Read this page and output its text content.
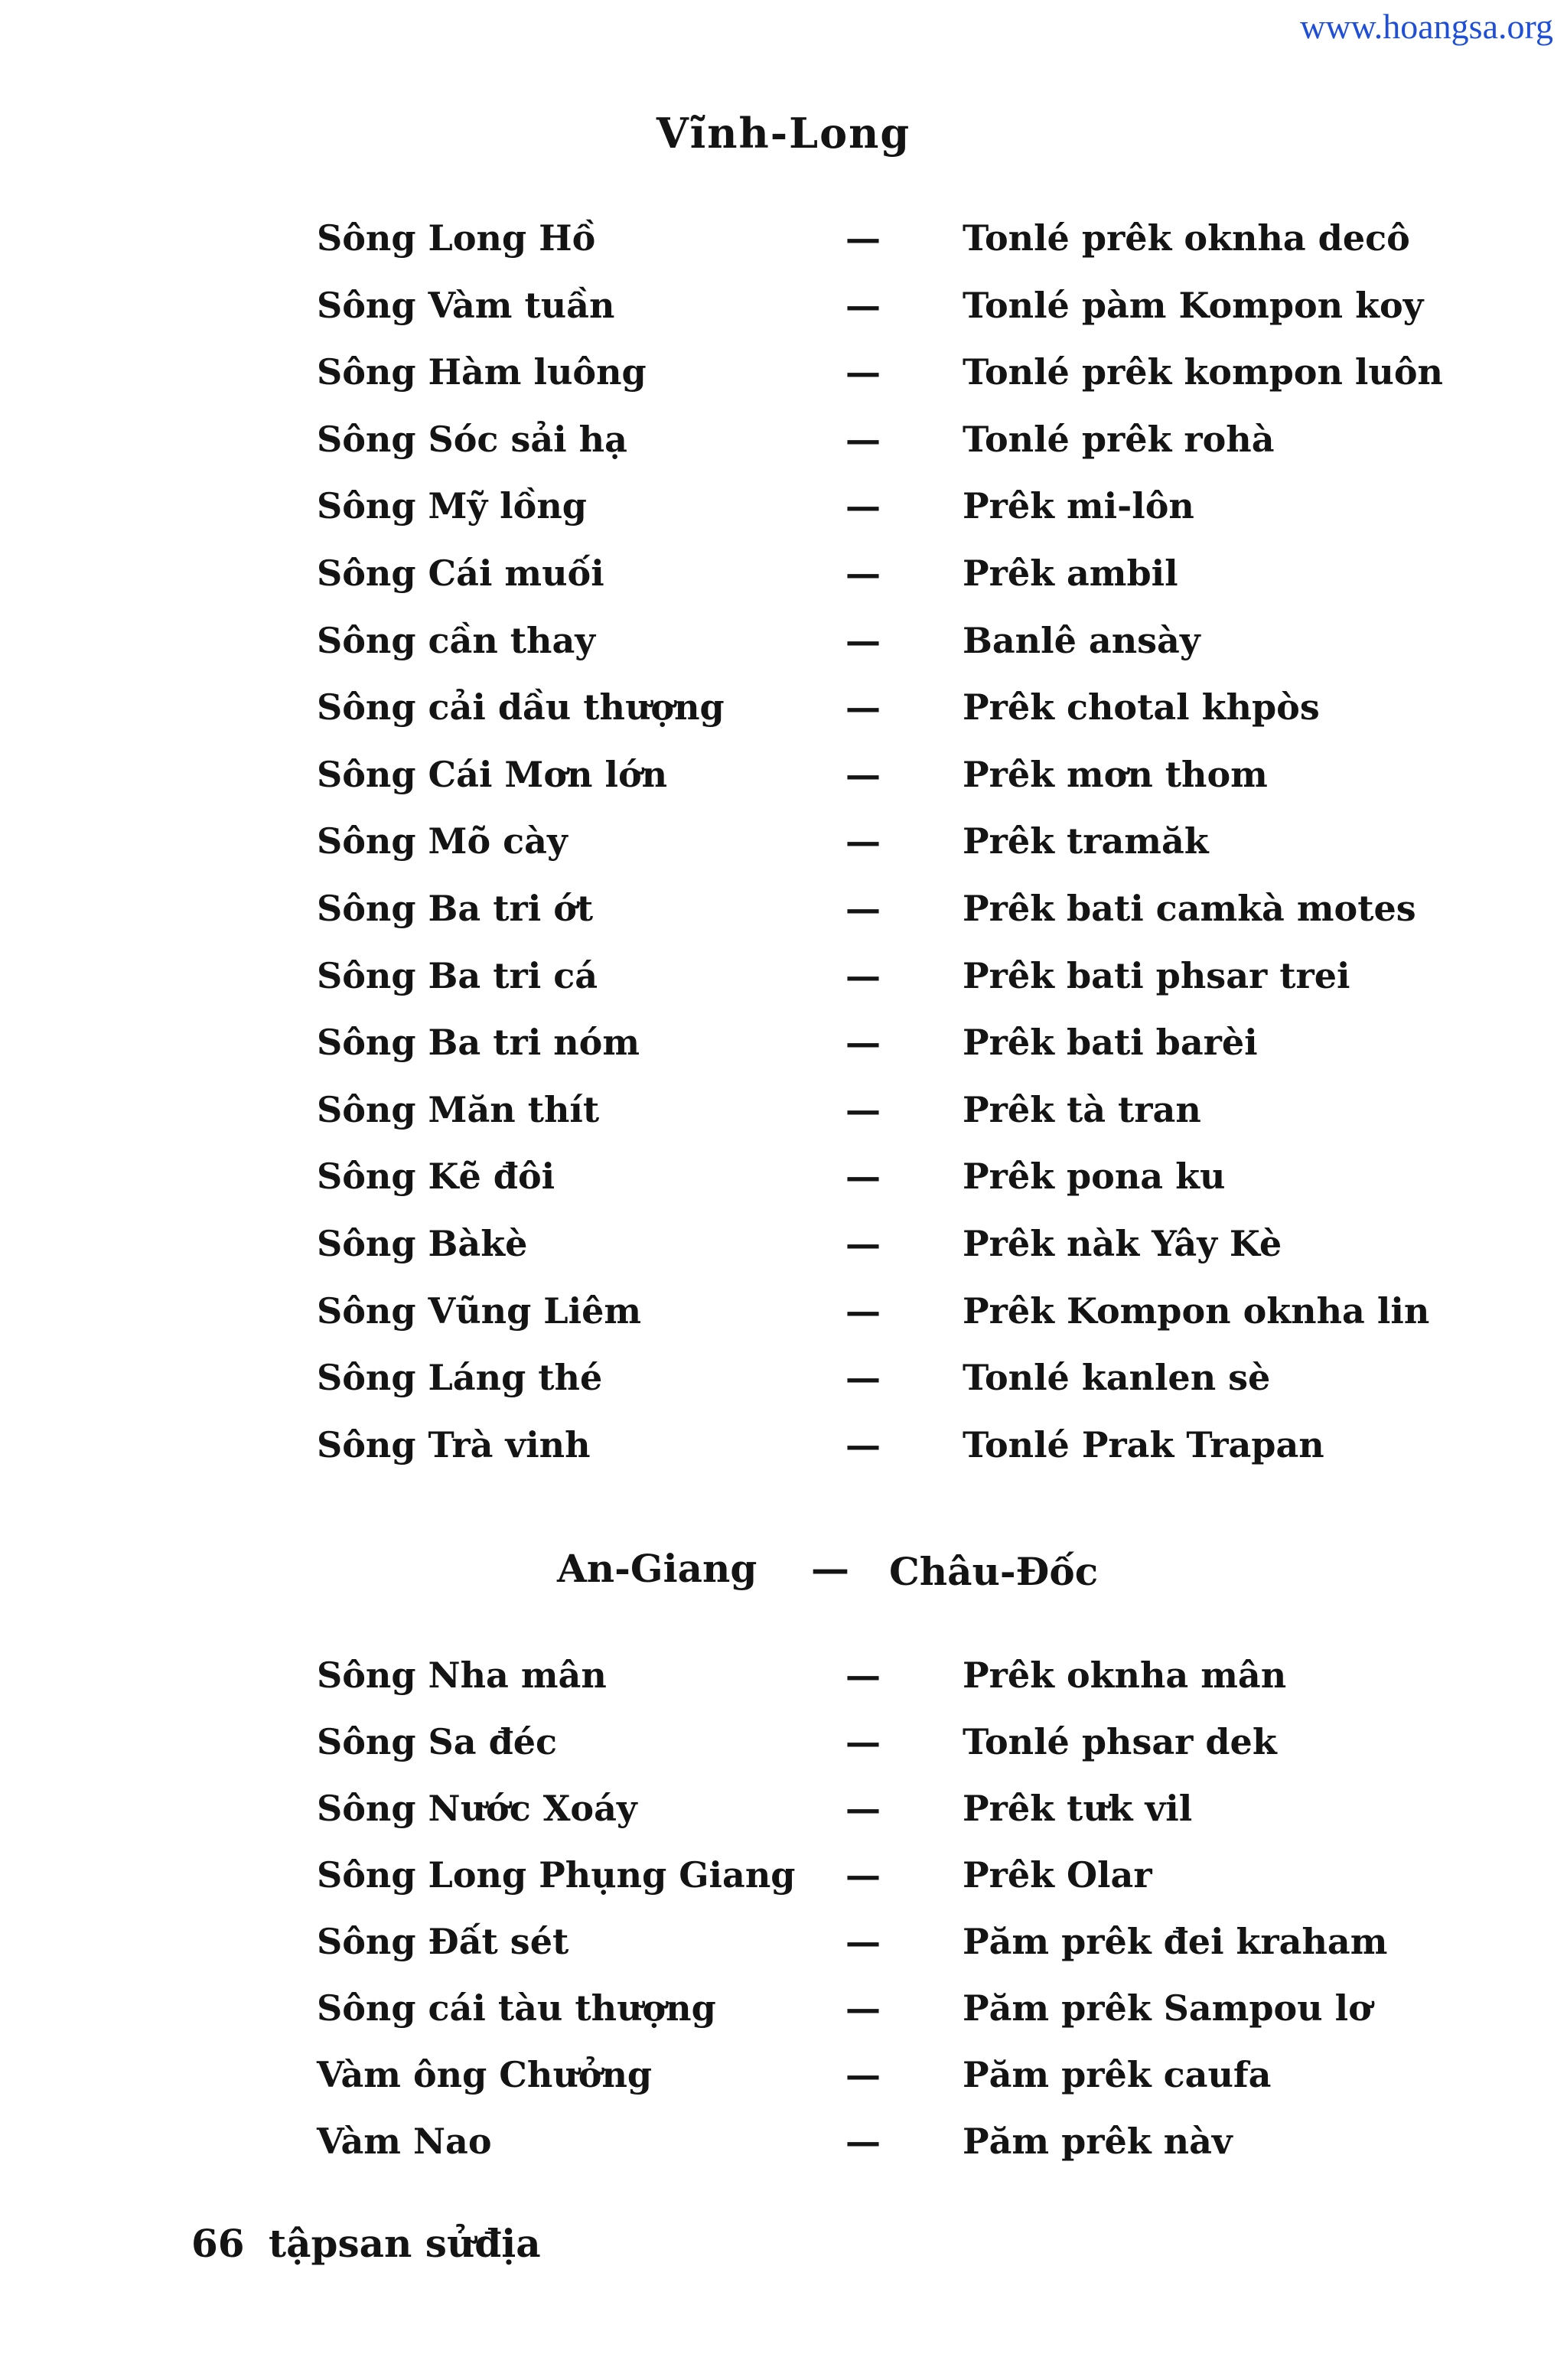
www.hoangsa.org
Vĩnh-Long
Sông Long Hồ	— Tonlé prêk oknha decô
Sông Vàm tuần	— Tonlé pàm Kompon koy
Sông Hàm luông	— Tonlé prêk kompon luôn
Sông Sóc sải hạ	— Tonlé prêk rohà
Sông Mỹ lồng	— Prêk mi-lôn
Sông Cái muối	— Prêk ambil
Sông cần thay	— Banlê ansày
Sông cải dầu thượng	— Prêk chotal khpòs
Sông Cái Mơn lớn	— Prêk mơn thom
Sông Mõ cày	— Prêk tramăk
Sông Ba tri ớt	— Prêk bati camkà motes
Sông Ba tri cá	— Prêk bati phsar trei
Sông Ba tri nóm	— Prêk bati barèi
Sông Măn thít	— Prêk tà tran
Sông Kẽ đôi	— Prêk pona ku
Sông Bàkè	— Prêk nàk Yây Kè
Sông Vũng Liêm	— Prêk Kompon oknha lin
Sông Láng thé	— Tonlé kanlen sè
Sông Trà vinh	— Tonlé Prak Trapan
An-Giang — Châu-Đốc
Sông Nha mân	— Prêk oknha mân
Sông Sa đéc	— Tonlé phsar dek
Sông Nước Xoáy	— Prêk tưk vil
Sông Long Phụng Giang — Prêk Olar
Sông Đất sét	— Păm prêk đei kraham
Sông cái tàu thượng	— Păm prêk Sampou lơ
Vàm ông Chưởng	— Păm prêk caufa
Vàm Nao	— Păm prêk nàv
66 tậpsan sửđịa
